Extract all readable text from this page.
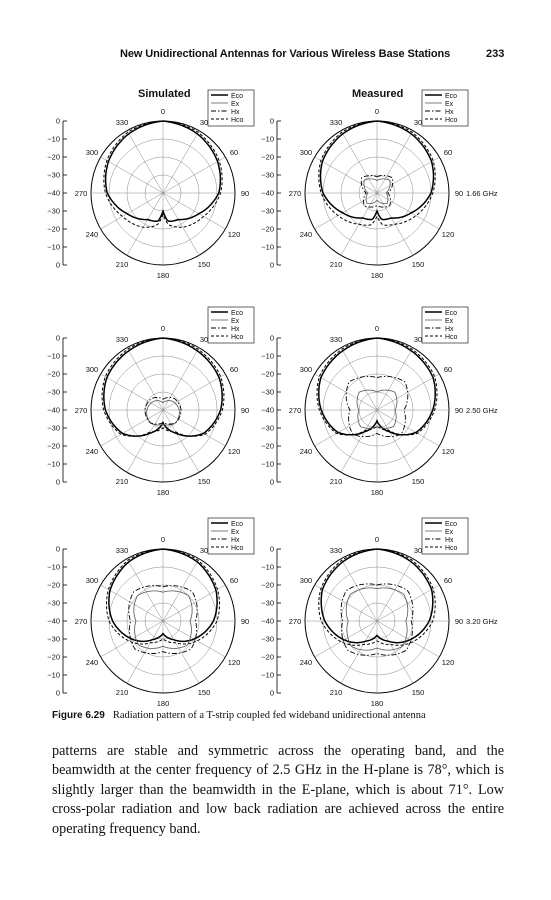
New Unidirectional Antennas for Various Wireless Base Stations	233
Simulated	Measured
0
30
60
90
120
150
180
210
240
270
300
330
0
−10
−20
−30
−40
−30
−20
−10
0
Eco
Ex
Hx
Hco
0
30
60
90
120
150
180
210
240
270
300
330
0
−10
−20
−30
−40
−30
−20
−10
0
Eco
Ex
Hx
Hco
1.66 GHz
0
30
60
90
120
150
180
210
240
270
300
330
0
−10
−20
−30
−40
−30
−20
−10
0
Eco
Ex
Hx
Hco
0
30
60
90
120
150
180
210
240
270
300
330
0
−10
−20
−30
−40
−30
−20
−10
0
Eco
Ex
Hx
Hco
2.50 GHz
0
30
60
90
120
150
180
210
240
270
300
330
0
−10
−20
−30
−40
−30
−20
−10
0
Eco
Ex
Hx
Hco
0
30
60
90
120
150
180
210
240
270
300
330
0
−10
−20
−30
−40
−30
−20
−10
0
Eco
Ex
Hx
Hco
3.20 GHz
Figure 6.29 Radiation pattern of a T-strip coupled fed wideband unidirectional antenna
patterns are stable and symmetric across the operating band, and the beamwidth at the center frequency of 2.5 GHz in the H-plane is 78°, which is slightly larger than the beamwidth in the E-plane, which is about 71°. Low cross-polar radiation and low back radiation are achieved across the entire operating frequency band.
